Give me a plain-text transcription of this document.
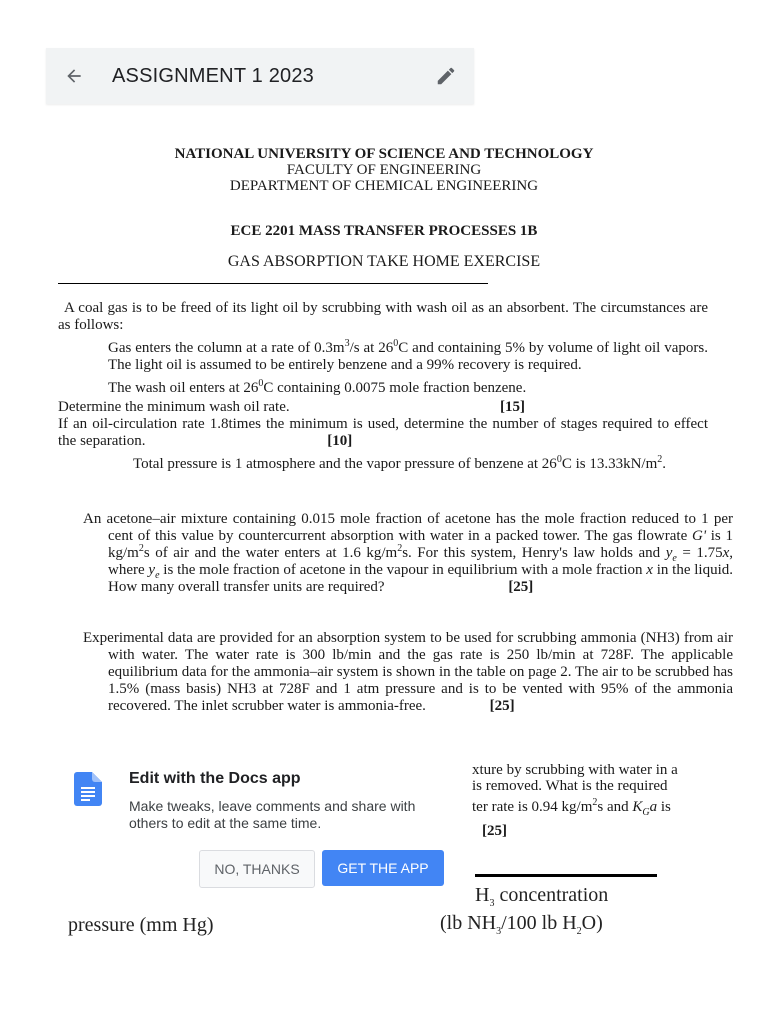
ASSIGNMENT 1 2023
NATIONAL UNIVERSITY OF SCIENCE AND TECHNOLOGY
FACULTY OF ENGINEERING
DEPARTMENT OF CHEMICAL ENGINEERING
ECE 2201 MASS TRANSFER PROCESSES 1B
GAS ABSORPTION TAKE HOME EXERCISE
A coal gas is to be freed of its light oil by scrubbing with wash oil as an absorbent. The circumstances are as follows:
Gas enters the column at a rate of $0.3m^3/s$ at $26^0C$ and containing 5% by volume of light oil vapors. The light oil is assumed to be entirely benzene and a 99% recovery is required.
The wash oil enters at $26^0C$ containing 0.0075 mole fraction benzene.
Determine the minimum wash oil rate.	[15]
If an oil-circulation rate 1.8times the minimum is used, determine the number of stages required to effect the separation.	[10]
Total pressure is 1 atmosphere and the vapor pressure of benzene at $26^0C$ is $13.33kN/m^2$.
An acetone–air mixture containing 0.015 mole fraction of acetone has the mole fraction reduced to 1 per cent of this value by countercurrent absorption with water in a packed tower. The gas flowrate G' is 1 $kg/m^2s$ of air and the water enters at 1.6 $kg/m^2s$. For this system, Henry's law holds and $y_e = 1.75x$, where $y_e$ is the mole fraction of acetone in the vapour in equilibrium with a mole fraction x in the liquid. How many overall transfer units are required?	[25]
Experimental data are provided for an absorption system to be used for scrubbing ammonia (NH3) from air with water. The water rate is 300 lb/min and the gas rate is 250 lb/min at 728F. The applicable equilibrium data for the ammonia–air system is shown in the table on page 2. The air to be scrubbed has 1.5% (mass basis) NH3 at 728F and 1 atm pressure and is to be vented with 95% of the ammonia recovered. The inlet scrubber water is ammonia-free.	[25]
xture by scrubbing with water in a
is removed. What is the required
ter rate is 0.94 $kg/m^2s$ and $K_Ga$ is
[25]
$H_3$ concentration
pressure (mm Hg)	(lb $NH_3/100$ lb $H_2O$)
Edit with the Docs app
Make tweaks, leave comments and share with others to edit at the same time.
NO, THANKS	GET THE APP
